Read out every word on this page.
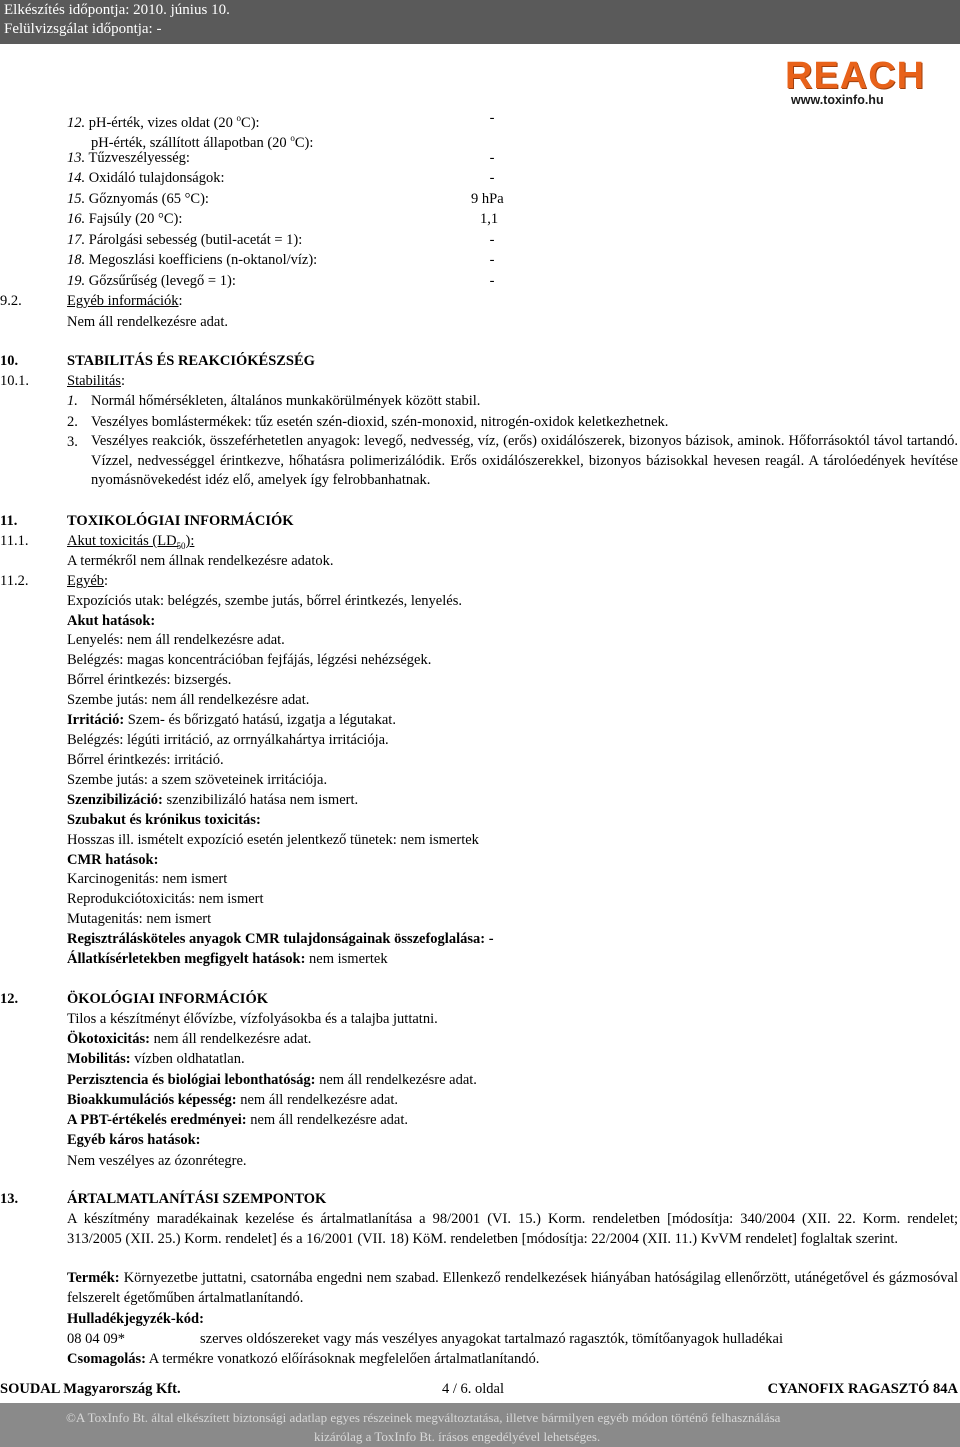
Elkészítés időpontja: 2010. június 10.
Felülvizsgálat időpontja: -
REACH
www.toxinfo.hu
12. pH-érték, vizes oldat (20 $^o$C):	-
pH-érték, szállított állapotban (20 $^o$C):
13. Tűzveszélyesség:	-
14. Oxidáló tulajdonságok:	-
15. Gőznyomás (65 °C):	9 hPa
16. Fajsúly (20 °C):	1,1
17. Párolgási sebesség (butil-acetát = 1):	-
18. Megoszlási koefficiens (n-oktanol/víz):	-
19. Gőzsűrűség (levegő = 1):	-
9.2.	Egyéb információk:
Nem áll rendelkezésre adat.
10.	STABILITÁS ÉS REAKCIÓKÉSZSÉG
10.1.	Stabilitás:
1. Normál hőmérsékleten, általános munkakörülmények között stabil.
2. Veszélyes bomlástermékek: tűz esetén szén-dioxid, szén-monoxid, nitrogén-oxidok keletkezhetnek.
3. Veszélyes reakciók, összeférhetetlen anyagok: levegő, nedvesség, víz, (erős) oxidálószerek, bizonyos bázisok, aminok. Hőforrásoktól távol tartandó. Vízzel, nedvességgel érintkezve, hőhatásra polimerizálódik. Erős oxidálószerekkel, bizonyos bázisokkal hevesen reagál. A tárolóedények hevítése nyomásnövekedést idéz elő, amelyek így felrobbanhatnak.
11.	TOXIKOLÓGIAI INFORMÁCIÓK
11.1.	Akut toxicitás $(LD_{50})$:
A termékről nem állnak rendelkezésre adatok.
11.2.	Egyéb:
Expozíciós utak: belégzés, szembe jutás, bőrrel érintkezés, lenyelés.
Akut hatások:
Lenyelés: nem áll rendelkezésre adat.
Belégzés: magas koncentrációban fejfájás, légzési nehézségek.
Bőrrel érintkezés: bizsergés.
Szembe jutás: nem áll rendelkezésre adat.
Irritáció: Szem- és bőrizgató hatású, izgatja a légutakat.
Belégzés: légúti irritáció, az orrnyálkahártya irritációja.
Bőrrel érintkezés: irritáció.
Szembe jutás: a szem szöveteinek irritációja.
Szenzibilizáció: szenzibilizáló hatása nem ismert.
Szubakut és krónikus toxicitás:
Hosszas ill. ismételt expozíció esetén jelentkező tünetek: nem ismertek
CMR hatások:
Karcinogenitás: nem ismert
Reprodukciótoxicitás: nem ismert
Mutagenitás: nem ismert
Regisztrálásköteles anyagok CMR tulajdonságainak összefoglalása: -
Állatkísérletekben megfigyelt hatások: nem ismertek
12.	ÖKOLÓGIAI INFORMÁCIÓK
Tilos a készítményt élővízbe, vízfolyásokba és a talajba juttatni.
Ökotoxicitás: nem áll rendelkezésre adat.
Mobilitás: vízben oldhatatlan.
Perzisztencia és biológiai lebonthatóság: nem áll rendelkezésre adat.
Bioakkumulációs képesség: nem áll rendelkezésre adat.
A PBT-értékelés eredményei: nem áll rendelkezésre adat.
Egyéb káros hatások:
Nem veszélyes az ózonrétegre.
13.	ÁRTALMATLANÍTÁSI SZEMPONTOK
A készítmény maradékainak kezelése és ártalmatlanítása a 98/2001 (VI. 15.) Korm. rendeletben [módosítja: 340/2004 (XII. 22. Korm. rendelet; 313/2005 (XII. 25.) Korm. rendelet] és a 16/2001 (VII. 18) KöM. rendeletben [módosítja: 22/2004 (XII. 11.) KvVM rendelet] foglaltak szerint.
Termék: Környezetbe juttatni, csatornába engedni nem szabad. Ellenkező rendelkezések hiányában hatóságilag ellenőrzött, utánégetővel és gázmosóval felszerelt égetőműben ártalmatlanítandó.
Hulladékjegyzék-kód:
08 04 09*	szerves oldószereket vagy más veszélyes anyagokat tartalmazó ragasztók, tömítőanyagok hulladékai
Csomagolás: A termékre vonatkozó előírásoknak megfelelően ártalmatlanítandó.
SOUDAL Magyarország Kft.	4 / 6. oldal	CYANOFIX RAGASZTÓ 84A
©A ToxInfo Bt. által elkészített biztonsági adatlap egyes részeinek megváltoztatása, illetve bármilyen egyéb módon történő felhasználása
kizárólag a ToxInfo Bt. írásos engedélyével lehetséges.
